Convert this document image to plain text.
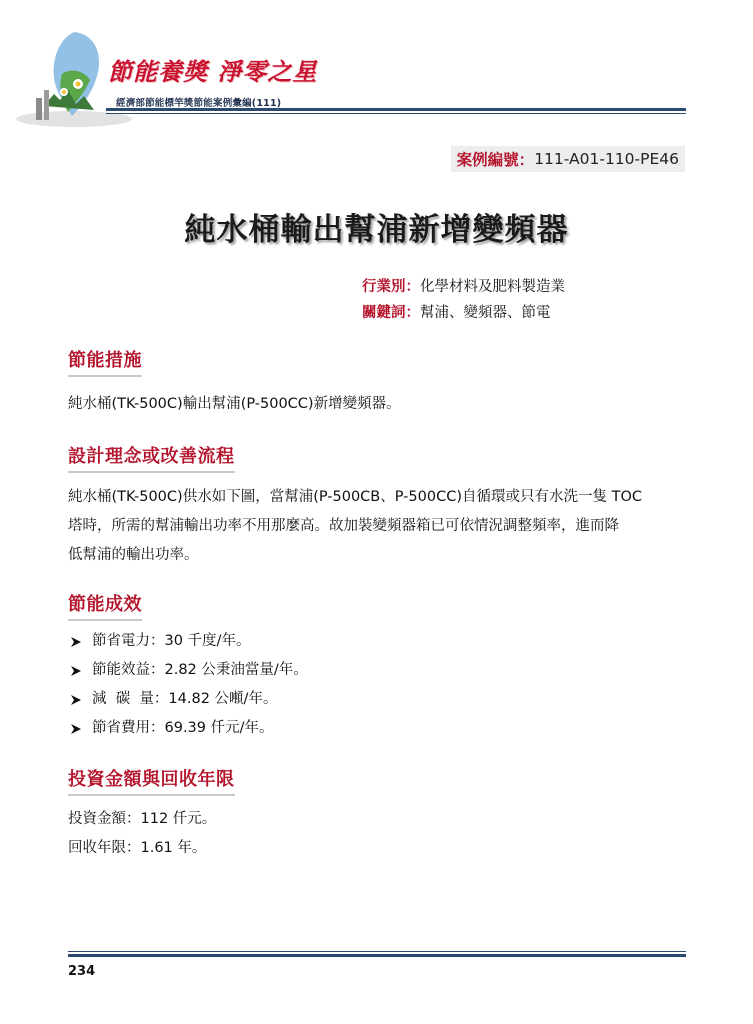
節能養獎 淨零之星
經濟部節能標竿獎節能案例彙編(111)
案例編號： 111-A01-110-PE46
純水桶輸出幫浦新增變頻器
行業別：化學材料及肥料製造業
關鍵詞：幫浦、變頻器、節電
節能措施
純水桶(TK-500C)輸出幫浦(P-500CC)新增變頻器。
設計理念或改善流程
純水桶(TK-500C)供水如下圖，當幫浦(P-500CB、P-500CC)自循環或只有水洗一隻 TOC
塔時，所需的幫浦輸出功率不用那麼高。故加裝變頻器箱已可依情況調整頻率，進而降
低幫浦的輸出功率。
節能成效
節省電力：30 千度/年。
節能效益：2.82 公秉油當量/年。
減  碳  量：14.82 公噸/年。
節省費用：69.39 仟元/年。
投資金額與回收年限
投資金額：112 仟元。
回收年限：1.61 年。
234
